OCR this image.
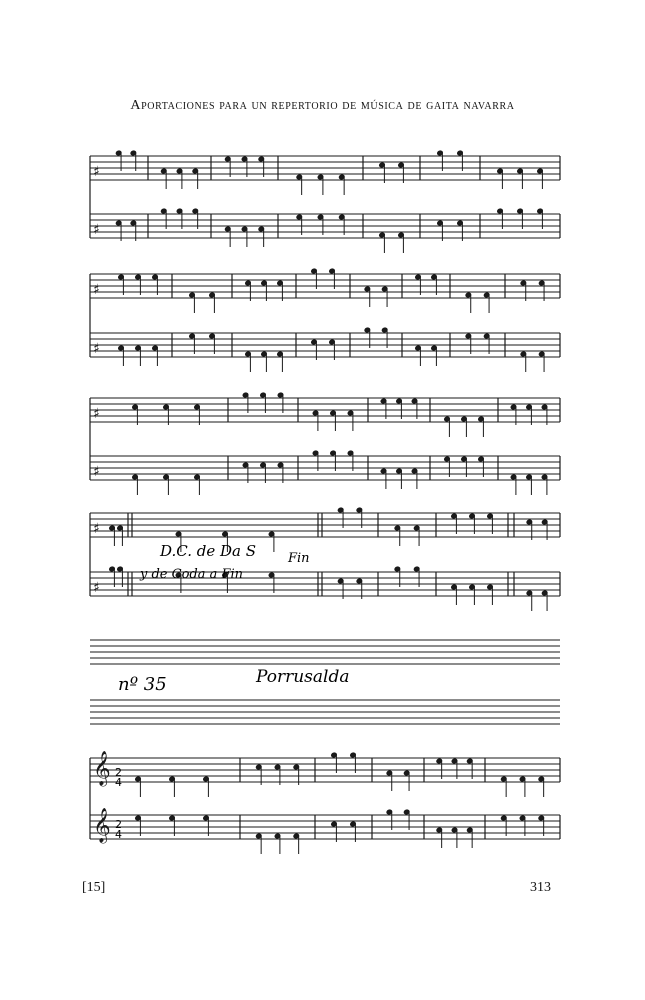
Aportaciones para un repertorio de música de gaita navarra
♯
♯
♯
♯
♯
♯
♯
♯
𝄞
𝄞
D.C. de Da S
y de Coda a Fin
Fin
nº 35	Porrusalda
2
4
2
4
[15]	313
